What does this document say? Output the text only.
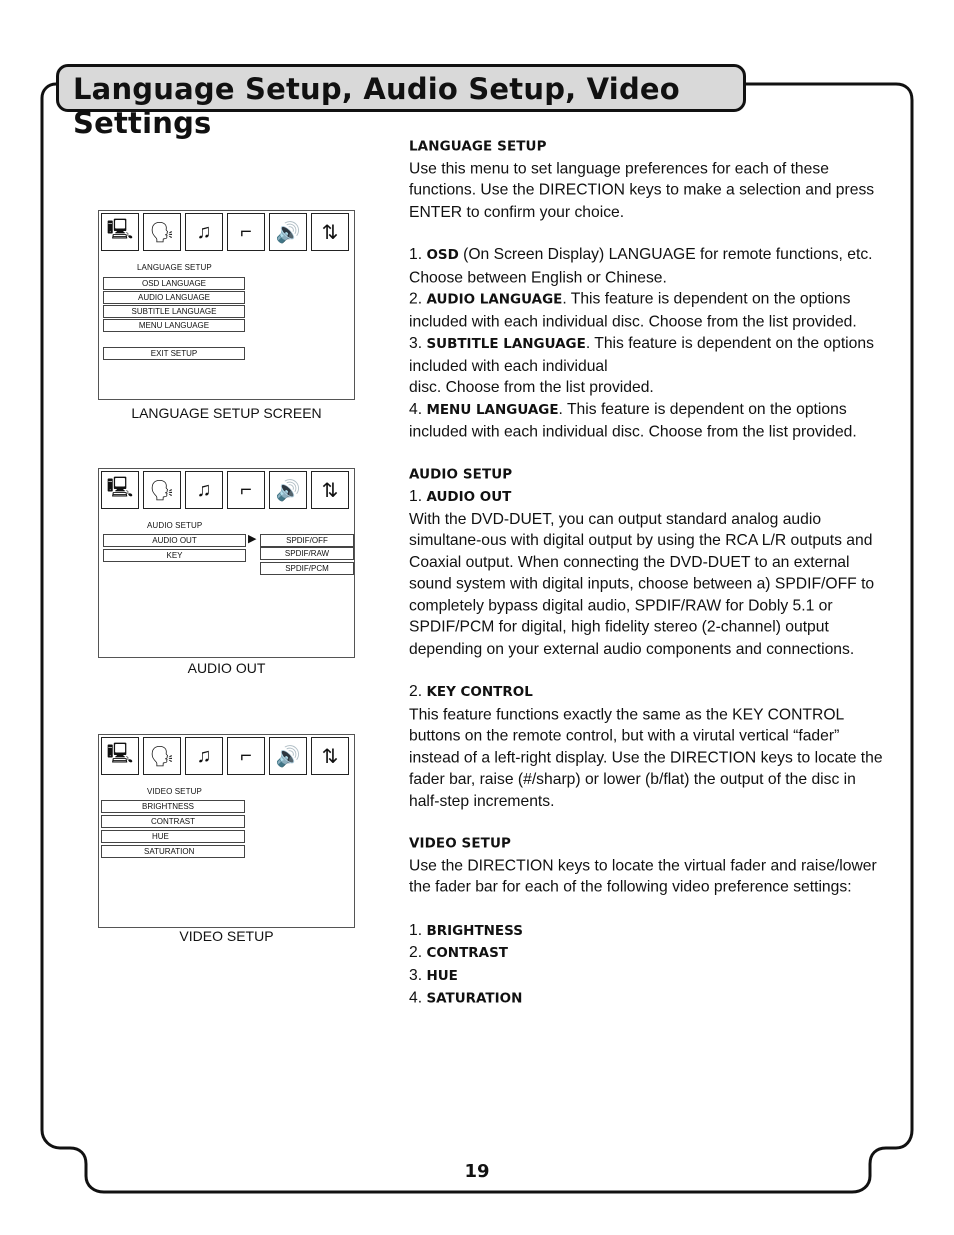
Language Setup, Audio Setup, Video Settings
🖳 🗣	♫	⌐	🔊	⇅
LANGUAGE SETUP
OSD LANGUAGE
AUDIO LANGUAGE
SUBTITLE LANGUAGE
MENU LANGUAGE
EXIT SETUP
LANGUAGE SETUP SCREEN
🖳 🗣	♫	⌐	🔊	⇅
AUDIO SETUP
AUDIO OUT
KEY
▶	SPDIF/OFF
SPDIF/RAW
SPDIF/PCM
AUDIO OUT
🖳 🗣	♫	⌐	🔊	⇅
VIDEO SETUP
BRIGHTNESS
CONTRAST
HUE
SATURATION
VIDEO SETUP

LANGUAGE SETUP

Use this menu to set language preferences for each of these functions. Use the DIRECTION keys to make a selection and press ENTER to confirm your choice.

1. OSD (On Screen Display) LANGUAGE for remote functions, etc. Choose between English or Chinese.

2. AUDIO LANGUAGE. This feature is dependent on the options included with each individual disc. Choose from the list provided.

3. SUBTITLE LANGUAGE. This feature is dependent on the options included with each individual

disc. Choose from the list provided.

4. MENU LANGUAGE. This feature is dependent on the options included with each individual disc. Choose from the list provided.

AUDIO SETUP

1. AUDIO OUT

With the DVD-DUET, you can output standard analog audio simultane-ous with digital output by using the RCA L/R outputs and Coaxial output. When connecting the DVD-DUET to an external sound system with digital inputs, choose between a) SPDIF/OFF to completely bypass digital audio, SPDIF/RAW for Dobly 5.1 or SPDIF/PCM for digital, high fidelity stereo (2-channel) output depending on your external audio components and connections.

2. KEY CONTROL

This feature functions exactly the same as the KEY CONTROL buttons on the remote control, but with a virutal vertical “fader” instead of a left-right display. Use the DIRECTION keys to locate the fader bar, raise (#/sharp) or lower (b/flat) the output of the disc in half-step increments.

VIDEO SETUP

Use the DIRECTION keys to locate the virtual fader and raise/lower the fader bar for each of the following video preference settings:

1. BRIGHTNESS

2. CONTRAST

3. HUE

4. SATURATION

19
